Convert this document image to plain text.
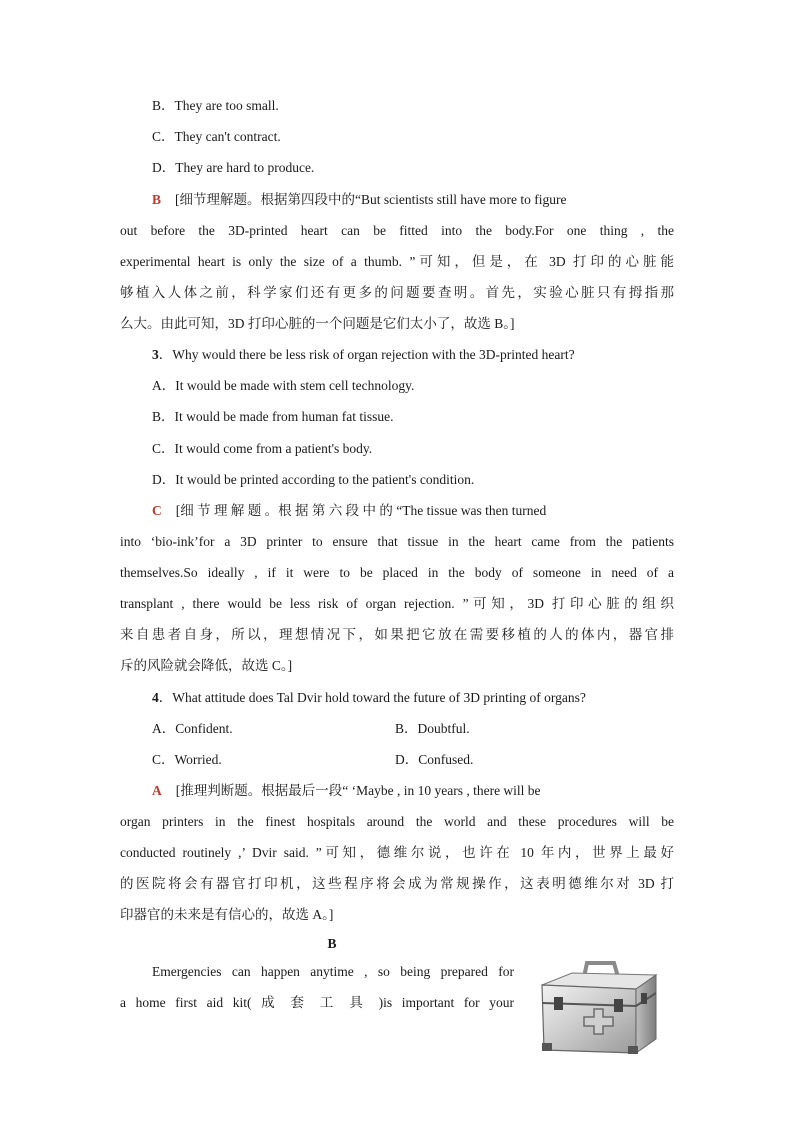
B．They are too small.
C．They can't contract.
D．They are hard to produce.
B [细节理解题。根据第四段中的“But scientists still have more to figure
out before the 3D-printed heart can be fitted into the body.For one thing , the
experimental heart is only the size of a thumb. ”可知，但是，在 3D 打印的心脏能
够植入人体之前，科学家们还有更多的问题要查明。首先，实验心脏只有拇指那
么大。由此可知，3D 打印心脏的一个问题是它们太小了，故选 B。]
3．Why would there be less risk of organ rejection with the 3D-printed heart?
A．It would be made with stem cell technology.
B．It would be made from human fat tissue.
C．It would come from a patient's body.
D．It would be printed according to the patient's condition.
C [细 节 理 解 题 。根 据 第 六 段 中 的 “The tissue was then turned
into ‘bio-ink’for a 3D printer to ensure that tissue in the heart came from the patients
themselves.So ideally , if it were to be placed in the body of someone in need of a
transplant , there would be less risk of organ rejection. ”可知，3D 打印心脏的组织
来自患者自身，所以，理想情况下，如果把它放在需要移植的人的体内，器官排
斥的风险就会降低，故选 C。]
4．What attitude does Tal Dvir hold toward the future of 3D printing of organs?
A．Confident.	B．Doubtful.
C．Worried.	D．Confused.
A [推理判断题。根据最后一段“ ‘Maybe , in 10 years , there will be
organ printers in the finest hospitals around the world and these procedures will be
conducted routinely ,’ Dvir said. ”可知，德维尔说，也许在 10 年内，世界上最好
的医院将会有器官打印机，这些程序将会成为常规操作，这表明德维尔对 3D 打
印器官的未来是有信心的，故选 A。]
B
Emergencies can happen anytime , so being prepared for
a home first aid kit( 成 套 工 具 )is important for your
